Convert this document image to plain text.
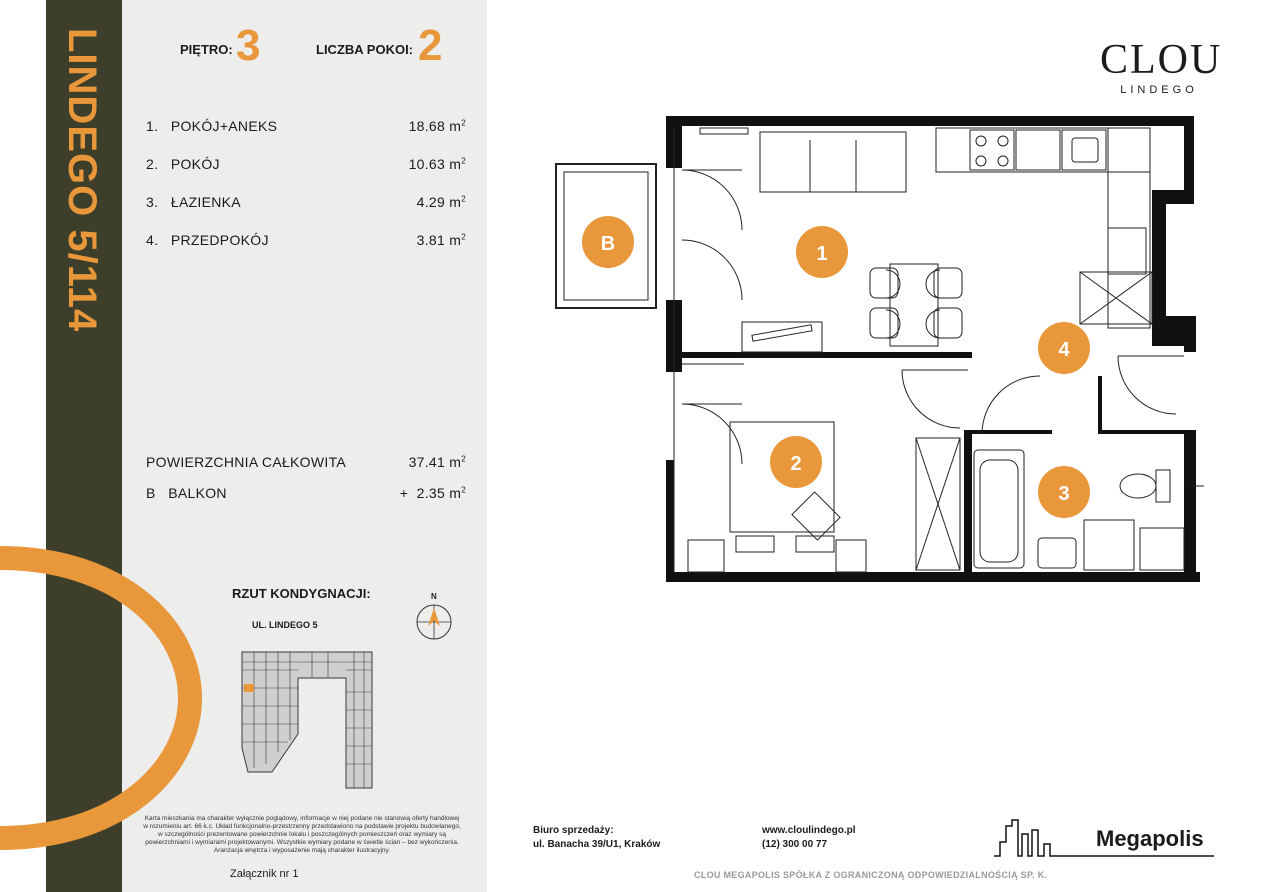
LINDEGO 5/114	PIĘTRO: 3	LICZBA POKOI: 2
1. POKÓJ+ANEKS	18.68 $m^2$
2. POKÓJ	10.63 $m^2$
3. ŁAZIENKA	4.29 $m^2$
4. PRZEDPOKÓJ	3.81 $m^2$
POWIERZCHNIA CAŁKOWITA	37.41 $m^2$
B   BALKON	+  2.35 $m^2$
RZUT KONDYGNACJI:
UL. LINDEGO 5
N
Karta mieszkania ma charakter wyłącznie poglądowy, informacje w niej podane nie stanowią oferty handlowej w rozumieniu art. 66 k.c. Układ funkcjonalno-przestrzenny przedstawiono na podstawie projektu budowlanego, w szczególności prezentowane powierzchnie lokalu i poszczególnych pomieszczeń oraz wymiary są powierzchniami i wymiarami projektowanymi. Wszystkie wymiary podane w świetle ścian – bez wykończenia. Aranżacja wnętrza i wyposażenie mają charakter ilustracyjny.
Załącznik nr 1
CLOU
LINDEGO
B	1
2
3
4
Biuro sprzedaży:
ul. Banacha 39/U1, Kraków
www.cloulindego.pl
(12) 300 00 77	Megapolis
CLOU MEGAPOLIS SPÓŁKA Z OGRANICZONĄ ODPOWIEDZIALNOŚCIĄ SP. K.
